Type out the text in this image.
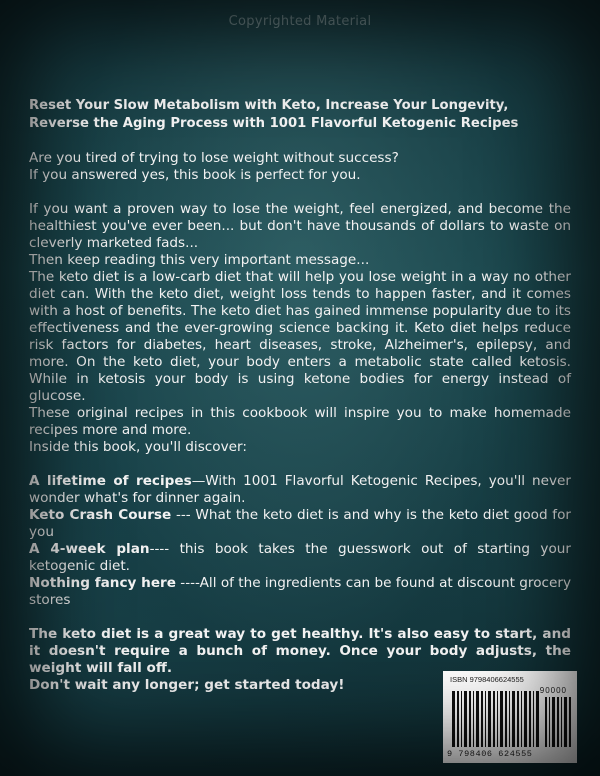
Copyrighted Material

Reset Your Slow Metabolism with Keto, Increase Your Longevity, Reverse the Aging Process with 1001 Flavorful Ketogenic Recipes

Are you tired of trying to lose weight without success?

If you answered yes, this book is perfect for you.

If you want a proven way to lose the weight, feel energized, and become the healthiest you've ever been... but don't have thousands of dollars to waste on cleverly marketed fads...

Then keep reading this very important message...

The keto diet is a low-carb diet that will help you lose weight in a way no other diet can. With the keto diet, weight loss tends to happen faster, and it comes with a host of benefits. The keto diet has gained immense popularity due to its effectiveness and the ever-growing science backing it. Keto diet helps reduce risk factors for diabetes, heart diseases, stroke, Alzheimer's, epilepsy, and more. On the keto diet, your body enters a metabolic state called ketosis. While in ketosis your body is using ketone bodies for energy instead of glucose.

These original recipes in this cookbook will inspire you to make homemade recipes more and more.

Inside this book, you'll discover:

A lifetime of recipes—With 1001 Flavorful Ketogenic Recipes, you'll never wonder what's for dinner again.

Keto Crash Course --- What the keto diet is and why is the keto diet good for you

A 4-week plan---- this book takes the guesswork out of starting your ketogenic diet.

Nothing fancy here ----All of the ingredients can be found at discount grocery stores

The keto diet is a great way to get healthy. It's also easy to start, and it doesn't require a bunch of money. Once your body adjusts, the weight will fall off.

Don't wait any longer; get started today!	ISBN 9798406624555
90000
9 798406 624555
